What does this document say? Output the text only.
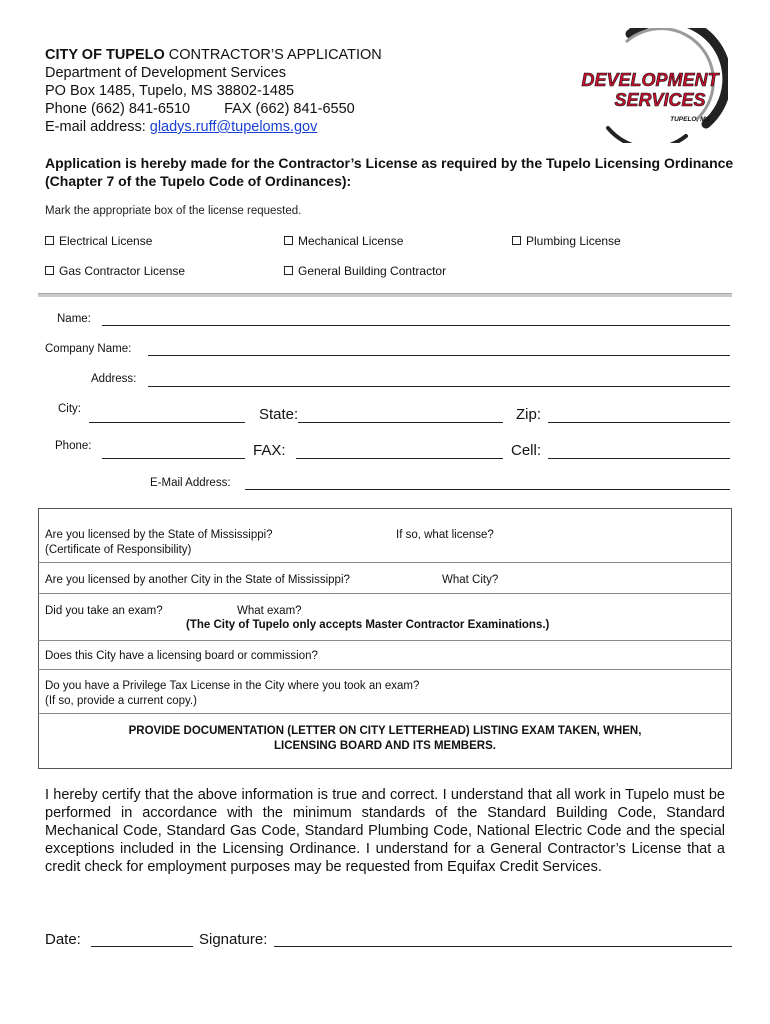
CITY OF TUPELO CONTRACTOR’S APPLICATION
Department of Development Services
PO Box 1485, Tupelo, MS 38802-1485
Phone (662) 841-6510 FAX (662) 841-6550
E-mail address: gladys.ruff@tupeloms.gov
DEVELOPMENT
SERVICES
TUPELO, MS
Application is hereby made for the Contractor’s License as required by the Tupelo Licensing Ordinance (Chapter 7 of the Tupelo Code of Ordinances):
Mark the appropriate box of the license requested.
Electrical License	Mechanical License	Plumbing License
Gas Contractor License	General Building Contractor
Name:
Company Name:
Address:
City:	State:	Zip:
Phone:	FAX:	Cell:
E-Mail Address:
Are you licensed by the State of Mississippi?
(Certificate of Responsibility)
If so, what license?
Are you licensed by another City in the State of Mississippi?	What City?
Did you take an exam?	What exam?
(The City of Tupelo only accepts Master Contractor Examinations.)
Does this City have a licensing board or commission?
Do you have a Privilege Tax License in the City where you took an exam?
(If so, provide a current copy.)
PROVIDE DOCUMENTATION (LETTER ON CITY LETTERHEAD) LISTING EXAM TAKEN, WHEN,
LICENSING BOARD AND ITS MEMBERS.
I hereby certify that the above information is true and correct. I understand that all work in Tupelo must be performed in accordance with the minimum standards of the Standard Building Code, Standard Mechanical Code, Standard Gas Code, Standard Plumbing Code, National Electric Code and the special exceptions included in the Licensing Ordinance. I understand for a General Contractor’s License that a credit check for employment purposes may be requested from Equifax Credit Services.
Date:	Signature:
